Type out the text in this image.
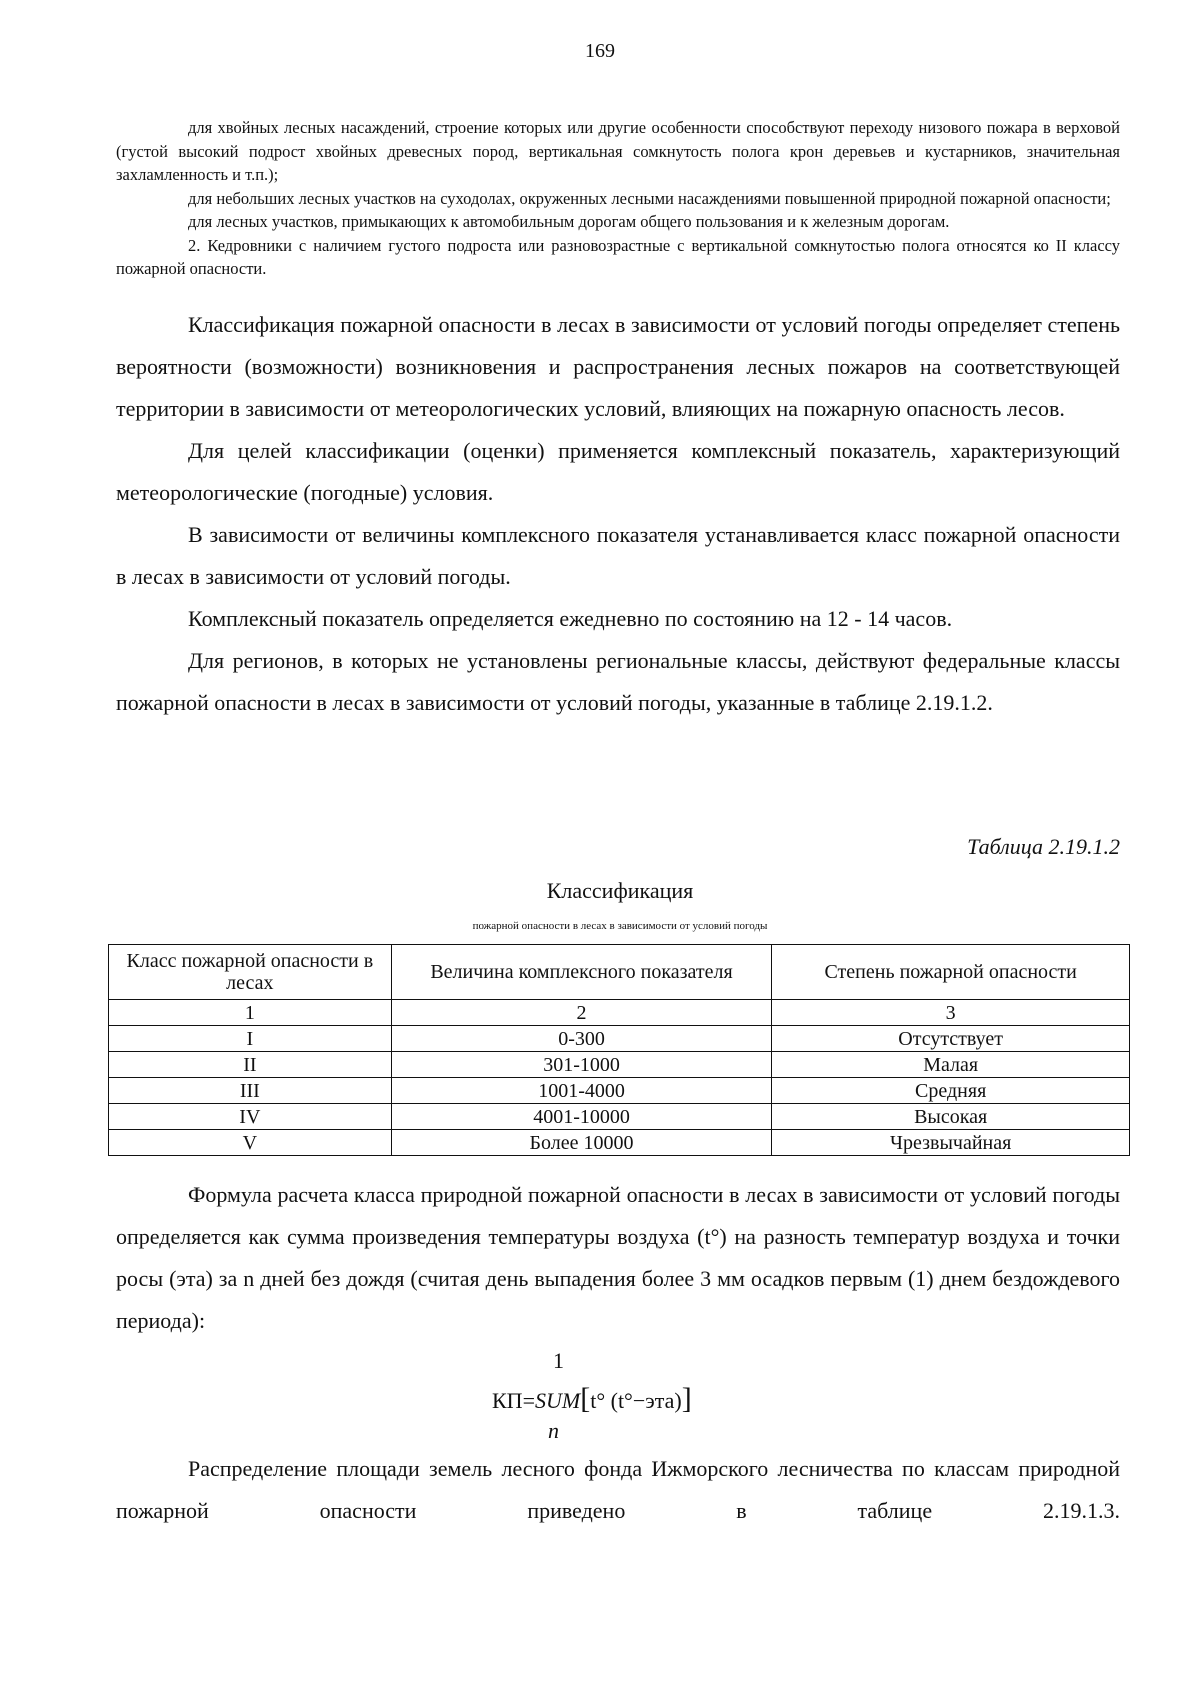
169

для хвойных лесных насаждений, строение которых или другие особенности способствуют переходу низового пожара в верховой (густой высокий подрост хвойных древесных пород, вертикальная сомкнутость полога крон деревьев и кустарников, значительная захламленность и т.п.);

для небольших лесных участков на суходолах, окруженных лесными насаждениями повышенной природной пожарной опасности;

для лесных участков, примыкающих к автомобильным дорогам общего пользования и к железным дорогам.

2. Кедровники с наличием густого подроста или разновозрастные с вертикальной сомкнутостью полога относятся ко II классу пожарной опасности.

Классификация пожарной опасности в лесах в зависимости от условий погоды определяет степень вероятности (возможности) возникновения и распространения лесных пожаров на соответствующей территории в зависимости от метеорологических условий, влияющих на пожарную опасность лесов.

Для целей классификации (оценки) применяется комплексный показатель, характеризующий метеорологические (погодные) условия.

В зависимости от величины комплексного показателя устанавливается класс пожарной опасности в лесах в зависимости от условий погоды.

Комплексный показатель определяется ежедневно по состоянию на 12 - 14 часов.

Для регионов, в которых не установлены региональные классы, действуют федеральные классы пожарной опасности в лесах в зависимости от условий погоды, указанные в таблице 2.19.1.2.

Таблица 2.19.1.2
Классификация
пожарной опасности в лесах в зависимости от условий погоды
Класс пожарной опасности в лесах	Величина комплексного показателя	Степень пожарной опасности
1	2	3
I	0-300	Отсутствует
II	301-1000	Малая
III	1001-4000	Средняя
IV	4001-10000	Высокая
V	Более 10000	Чрезвычайная

Формула расчета класса природной пожарной опасности в лесах в зависимости от условий погоды определяется как сумма произведения температуры воздуха (t°) на разность температур воздуха и точки росы (эта) за n дней без дождя (считая день выпадения более 3 мм осадков первым (1) днем бездождевого периода):

1
КП=SUM[t° (t°−эта)]
n

Распределение площади земель лесного фонда Ижморского лесничества по классам природной пожарной опасности приведено в таблице 2.19.1.3.
